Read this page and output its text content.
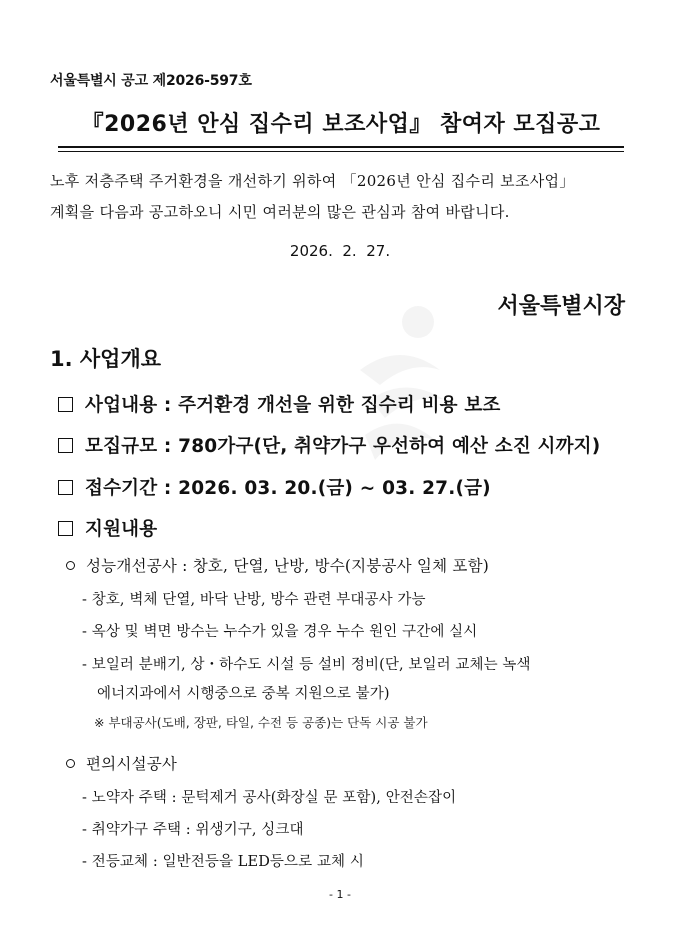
서울특별시 공고 제2026-597호
『2026년 안심 집수리 보조사업』 참여자 모집공고
노후 저층주택 주거환경을 개선하기 위하여 「2026년 안심 집수리 보조사업」
계획을 다음과 공고하오니 시민 여러분의 많은 관심과 참여 바랍니다.
2026.  2.  27.
서울특별시장
1. 사업개요
사업내용 : 주거환경 개선을 위한 집수리 비용 보조
모집규모 : 780가구(단, 취약가구 우선하여 예산 소진 시까지)
접수기간 : 2026. 03. 20.(금) ~ 03. 27.(금)
지원내용
성능개선공사 : 창호, 단열, 난방, 방수(지붕공사 일체 포함)
- 창호, 벽체 단열, 바닥 난방, 방수 관련 부대공사 가능
- 옥상 및 벽면 방수는 누수가 있을 경우 누수 원인 구간에 실시
- 보일러 분배기, 상・하수도 시설 등 설비 정비(단, 보일러 교체는 녹색
에너지과에서 시행중으로 중복 지원으로 불가)
※ 부대공사(도배, 장판, 타일, 수전 등 공종)는 단독 시공 불가
편의시설공사
- 노약자 주택 : 문턱제거 공사(화장실 문 포함), 안전손잡이
- 취약가구 주택 : 위생기구, 싱크대
- 전등교체 : 일반전등을 LED등으로 교체 시
- 1 -
